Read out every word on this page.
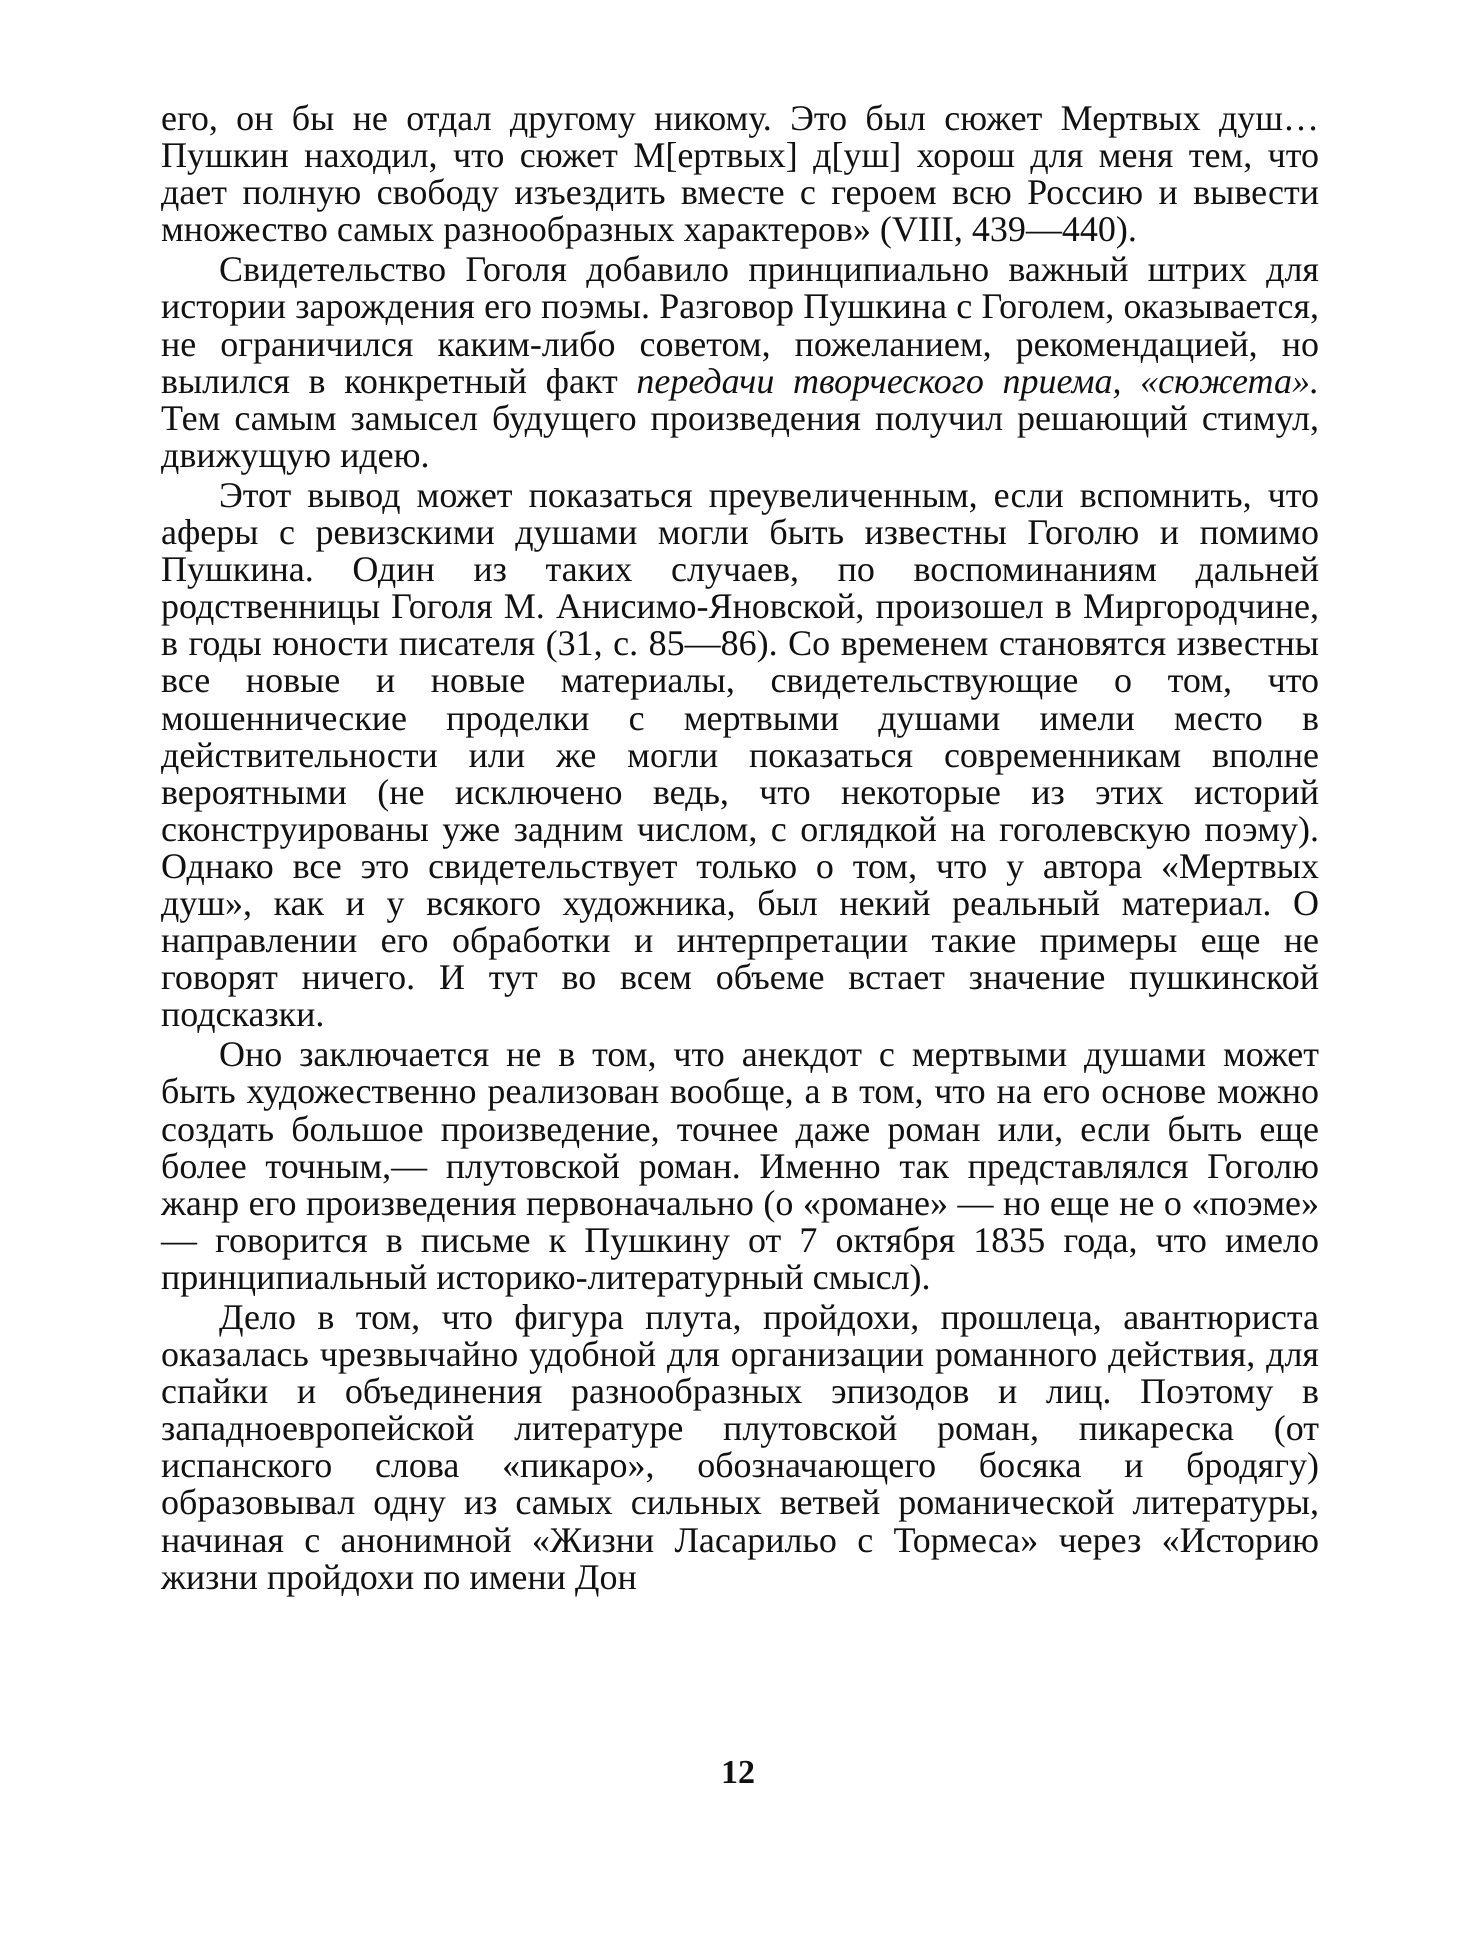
его, он бы не отдал другому никому. Это был сюжет Мертвых душ… Пушкин находил, что сюжет М[ертвых] д[уш] хорош для меня тем, что дает полную свободу изъездить вместе с героем всю Россию и вывести множество самых разнообразных характеров» (VIII, 439—440).

Свидетельство Гоголя добавило принципиально важный штрих для истории зарождения его поэмы. Разговор Пушкина с Гоголем, оказывается, не ограничился каким-либо советом, пожеланием, рекомендацией, но вылился в конкретный факт передачи творческого приема, «сюжета». Тем самым замысел будущего произведения получил решающий стимул, движущую идею.

Этот вывод может показаться преувеличенным, если вспомнить, что аферы с ревизскими душами могли быть известны Гоголю и помимо Пушкина. Один из таких случаев, по воспоминаниям дальней родственницы Гоголя М. Анисимо-Яновской, произошел в Миргородчине, в годы юности писателя (31, с. 85—86). Со временем становятся известны все новые и новые материалы, свидетельствующие о том, что мошеннические проделки с мертвыми душами имели место в действительности или же могли показаться современникам вполне вероятными (не исключено ведь, что некоторые из этих историй сконструированы уже задним числом, с оглядкой на гоголевскую поэму). Однако все это свидетельствует только о том, что у автора «Мертвых душ», как и у всякого художника, был некий реальный материал. О направлении его обработки и интерпретации такие примеры еще не говорят ничего. И тут во всем объеме встает значение пушкинской подсказки.

Оно заключается не в том, что анекдот с мертвыми душами может быть художественно реализован вообще, а в том, что на его основе можно создать большое произведение, точнее даже роман или, если быть еще более точным,— плутовской роман. Именно так представлялся Гоголю жанр его произведения первоначально (о «романе» — но еще не о «поэме» — говорится в письме к Пушкину от 7 октября 1835 года, что имело принципиальный историко-литературный смысл).

Дело в том, что фигура плута, пройдохи, прошлеца, авантюриста оказалась чрезвычайно удобной для организации романного действия, для спайки и объединения разнообразных эпизодов и лиц. Поэтому в западноевропейской литературе плутовской роман, пикареска (от испанского слова «пикаро», обозначающего босяка и бродягу) образовывал одну из самых сильных ветвей романической литературы, начиная с анонимной «Жизни Ласарильо с Тормеса» через «Историю жизни пройдохи по имени Дон

12
